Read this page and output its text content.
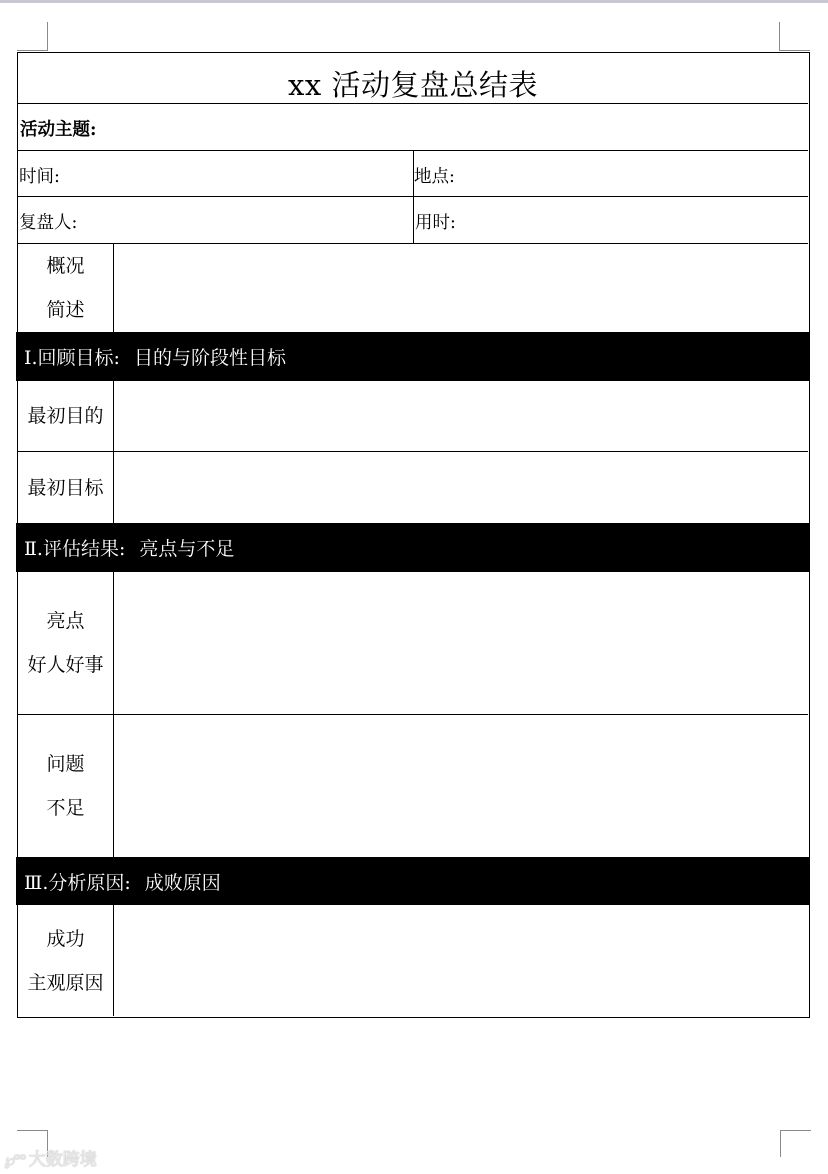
xx 活动复盘总结表
活动主题:
时间:	地点:
复盘人:	用时:
概况
简述
Ⅰ.回顾目标: 目的与阶段性目标
最初目的
最初目标
Ⅱ.评估结果: 亮点与不足
亮点
好人好事
问题
不足
Ⅲ.分析原因: 成败原因
成功
主观原因
℘ᵒᵒ 大数跨境
